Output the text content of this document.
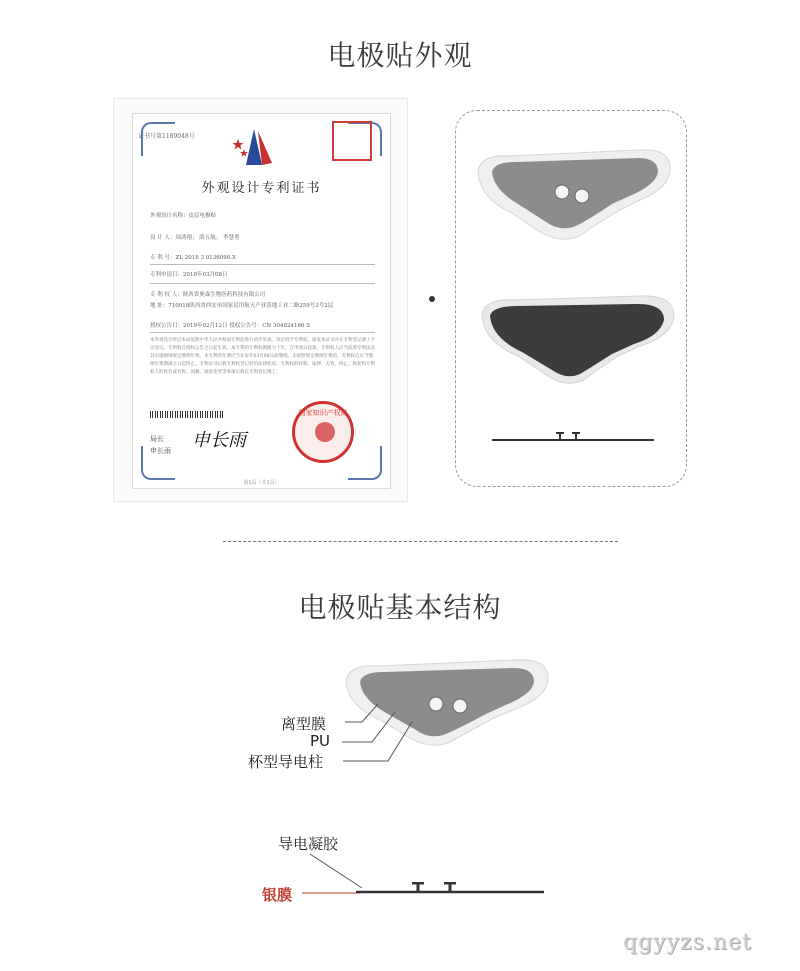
电极贴外观
证书号第1189048号
外观设计专利证书
外观设计名称：皮层电极贴
设 计 人：周鸿翔； 薛五航； 李慧勇
专 利 号：ZL 2018 3 0136090.X
专利申请日：2018年03月08日
专 利 权 人：陕西省奥森生物医药科技有限公司
地 址：710018陕西省西安市国家民用航天产业基地工业二路259号3号2层
授权公告日：2019年02月12日 授权公告号：CN 304824166 S
本外观设计经过本局依照中华人民共和国专利法进行初步审查，决定授予专利权，颁发本证书并在专利登记簿上予以登记。专利权自授权公告之日起生效。本专利的专利权期限为十年，自申请日起算。专利权人应当依照专利法及其实施细则规定缴纳年费。本专利的年费应当在每年03月08日前缴纳。未按照规定缴纳年费的，专利权自应当缴纳年费期满之日起终止。专利证书记载专利权登记时的法律状况。专利权的转移、质押、无效、终止、恢复和专利权人的姓名或名称、国籍、地址变更等事项记载在专利登记簿上。
局长
申长雨 申长雨
国家知识产权局
第1页（共1页）
电极贴基本结构
离型膜
PU
杯型导电柱
导电凝胶
银膜
qgyyzs.net
